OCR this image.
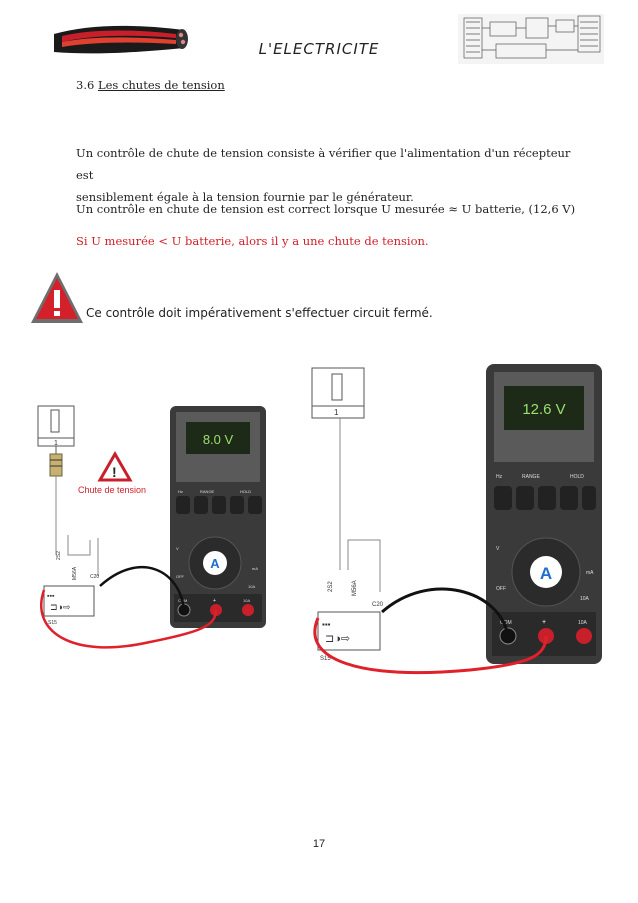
L'ELECTRICITE
3.6 Les chutes de tension
Un contrôle de chute de tension consiste à vérifier que l'alimentation d'un récepteur est
sensiblement égale à la tension fournie par le générateur.
Un contrôle en chute de tension est correct lorsque U mesurée ≈ U batterie, (12,6 V)
Si U mesurée < U batterie, alors il y a une chute de tension.
Ce contrôle doit impérativement s'effectuer circuit fermé.
1
!
Chute de tension
C20
2S2
M56A
▪▪▪
⊐◑⇨
S15
8.0 V
Hz	RANGE	HOLD
A
V
mA
OFF
10A
COM	+	10A
1
2S2	M56A
C20
▪▪▪
⊐◑⇨
S15
12.6 V
Hz	RANGE	HOLD
A
V
mA
OFF
10A
COM	+	10A
17
